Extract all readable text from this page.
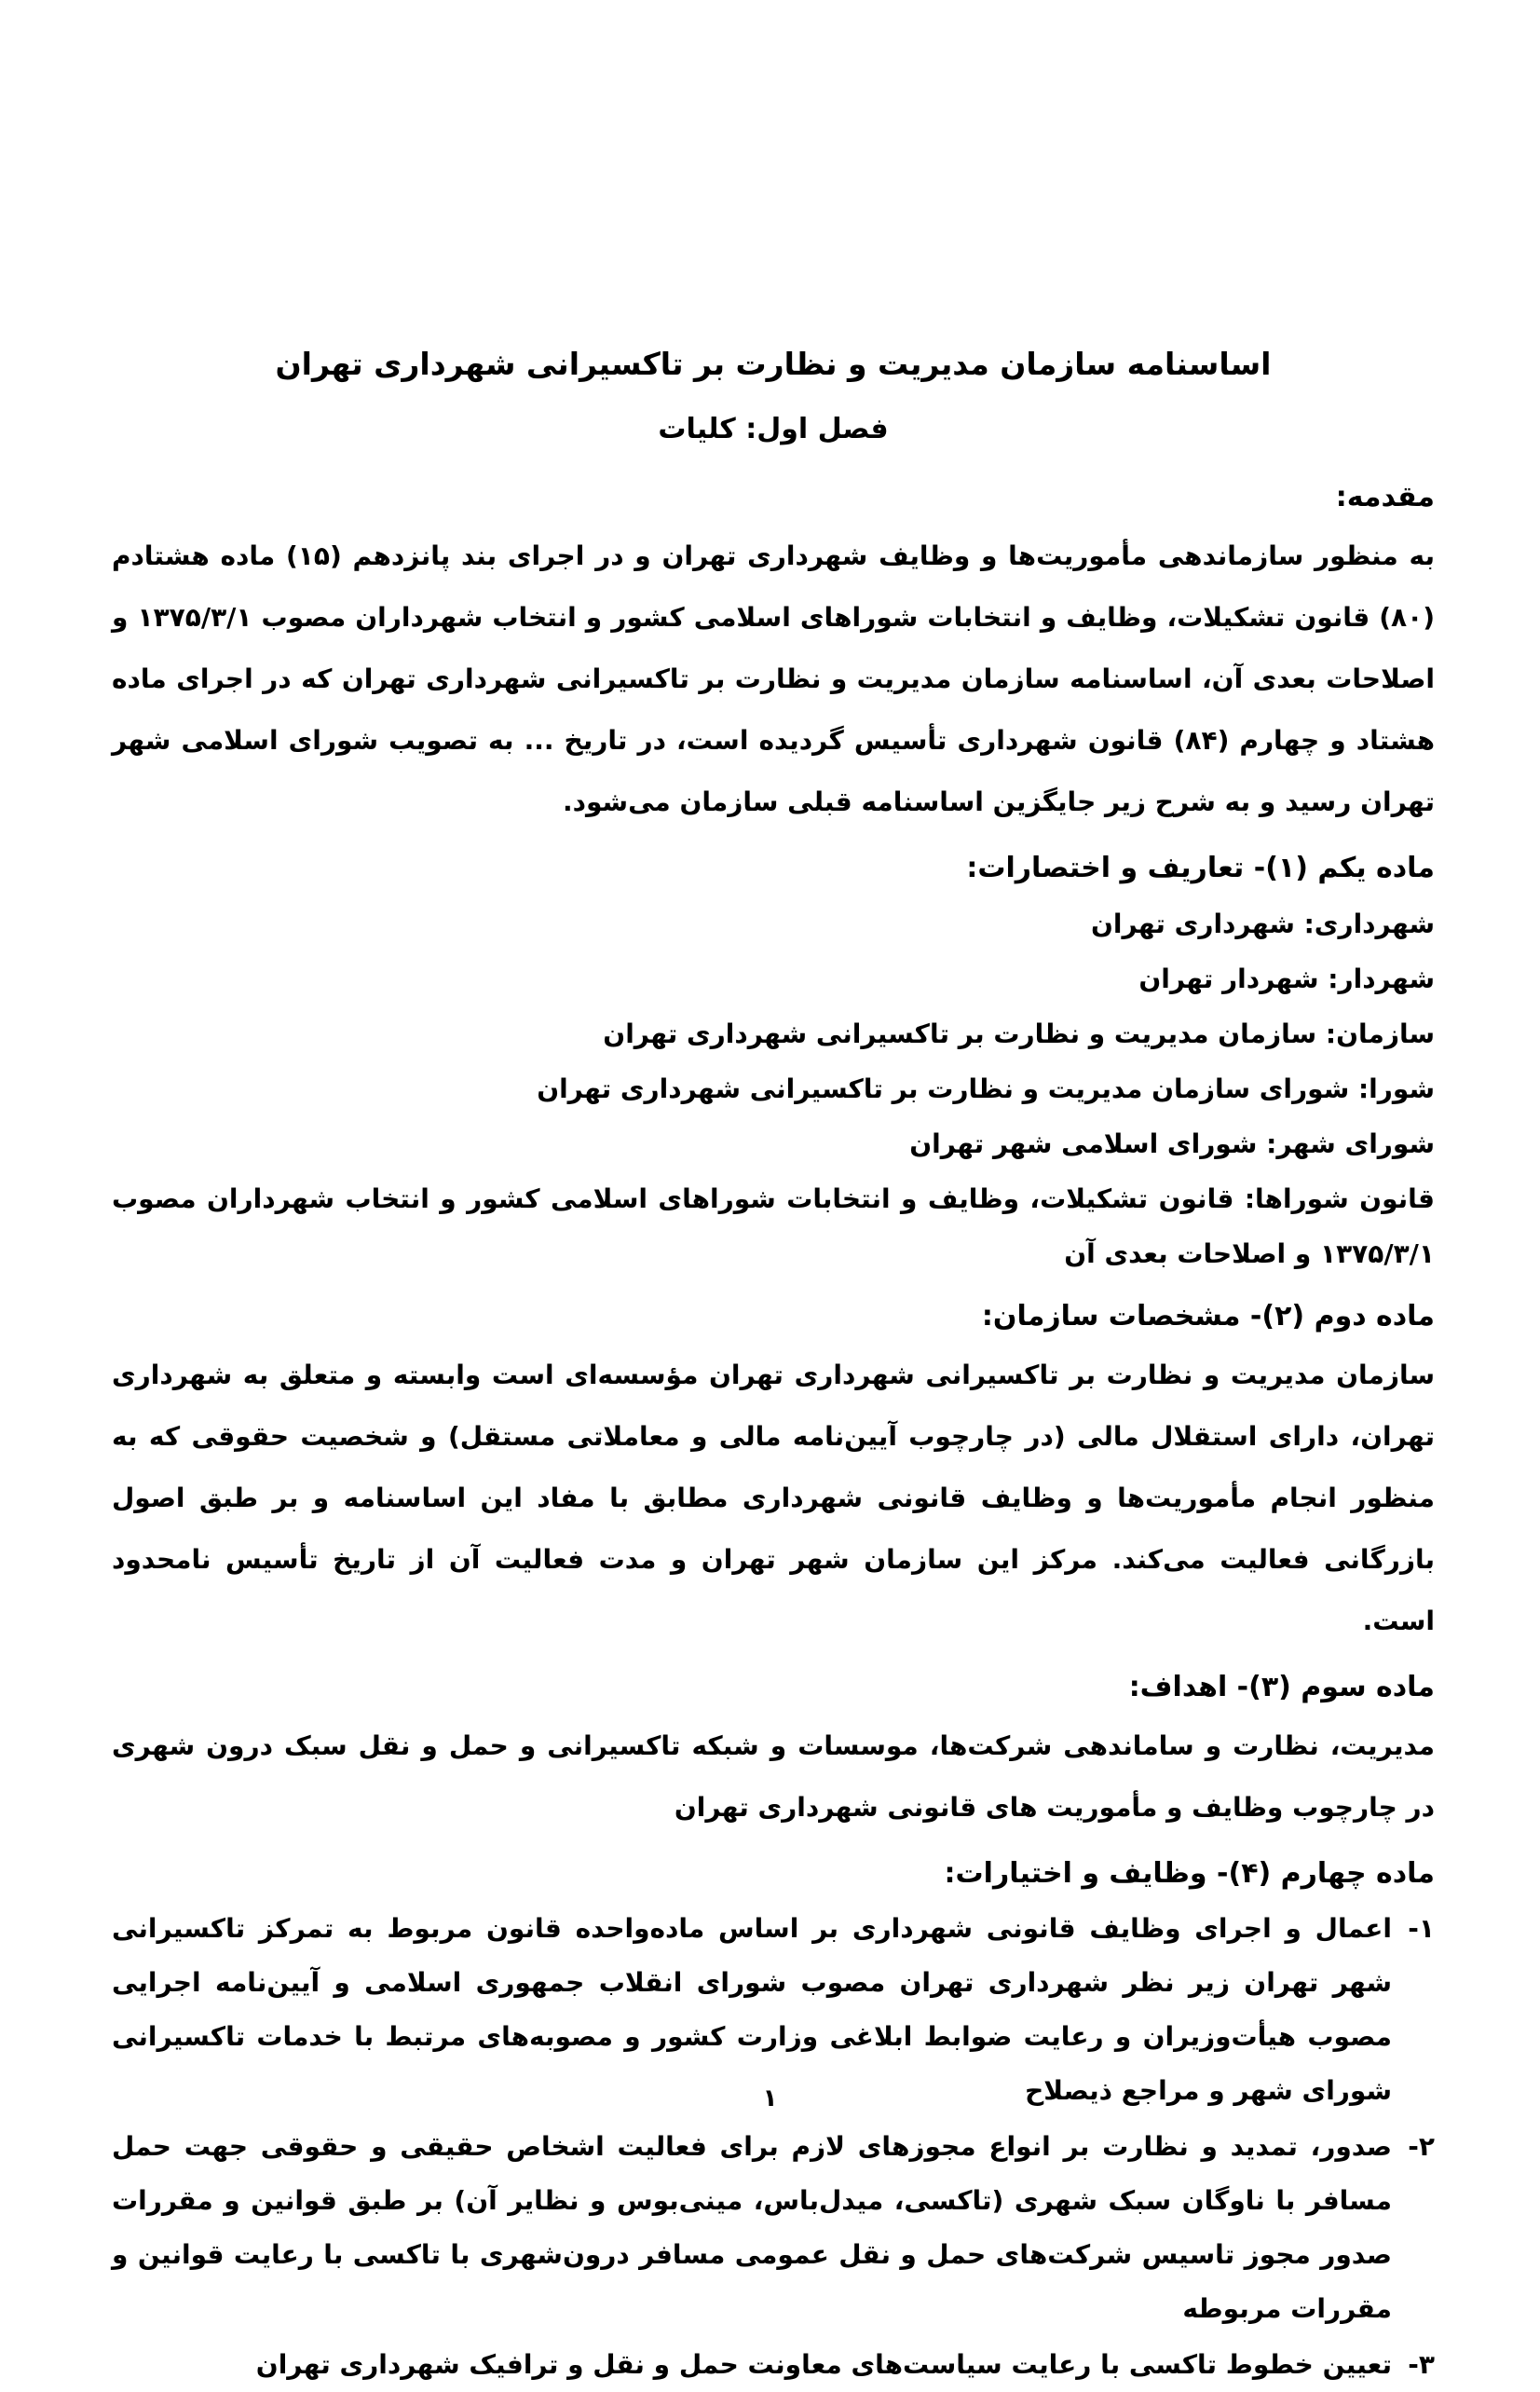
اساسنامه سازمان مدیریت و نظارت بر تاکسیرانی شهرداری تهران
فصل اول: کلیات
مقدمه:

به منظور سازماندهی مأموریت‌ها و وظایف شهرداری تهران و در اجرای بند پانزدهم (۱۵) ماده هشتادم (۸۰) قانون تشکیلات، وظایف و انتخابات شوراهای اسلامی کشور و انتخاب شهرداران مصوب ۱۳۷۵/۳/۱ و اصلاحات بعدی آن، اساسنامه سازمان مدیریت و نظارت بر تاکسیرانی شهرداری تهران که در اجرای ماده هشتاد و چهارم (۸۴) قانون شهرداری تأسیس گردیده است، در تاریخ ... به تصویب شورای اسلامی شهر تهران رسید و به شرح زیر جایگزین اساسنامه قبلی سازمان می‌شود.

ماده یکم (۱)- تعاریف و اختصارات:

شهرداری: شهرداری تهران

شهردار: شهردار تهران

سازمان: سازمان مدیریت و نظارت بر تاکسیرانی شهرداری تهران

شورا: شورای سازمان مدیریت و نظارت بر تاکسیرانی شهرداری تهران

شورای شهر: شورای اسلامی شهر تهران

قانون شوراها: قانون تشکیلات، وظایف و انتخابات شوراهای اسلامی کشور و انتخاب شهرداران مصوب ۱۳۷۵/۳/۱ و اصلاحات بعدی آن

ماده دوم (۲)- مشخصات سازمان:

سازمان مدیریت و نظارت بر تاکسیرانی شهرداری تهران مؤسسه‌ای است وابسته و متعلق به شهرداری تهران، دارای استقلال مالی (در چارچوب آیین‌نامه مالی و معاملاتی مستقل) و شخصیت حقوقی که به منظور انجام مأموریت‌ها و وظایف قانونی شهرداری مطابق با مفاد این اساسنامه و بر طبق اصول بازرگانی فعالیت می‌کند. مرکز این سازمان شهر تهران و مدت فعالیت آن از تاریخ تأسیس نامحدود است.

ماده سوم (۳)- اهداف:

مدیریت، نظارت و ساماندهی شرکت‌ها، موسسات و شبکه تاکسیرانی و حمل و نقل سبک درون شهری در چارچوب وظایف و مأموریت های قانونی شهرداری تهران

ماده چهارم (۴)- وظایف و اختیارات:
۱-
اعمال و اجرای وظایف قانونی شهرداری بر اساس ماده‌واحده قانون مربوط به تمرکز تاکسیرانی شهر تهران زیر نظر شهرداری تهران مصوب شورای انقلاب جمهوری اسلامی و آیین‌نامه اجرایی مصوب هیأت‌وزیران و رعایت ضوابط ابلاغی وزارت کشور و مصوبه‌های مرتبط با خدمات تاکسیرانی شورای شهر و مراجع ذیصلاح
۲-
صدور، تمدید و نظارت بر انواع مجوزهای لازم برای فعالیت اشخاص حقیقی و حقوقی جهت حمل مسافر با ناوگان سبک شهری (تاکسی، میدل‌باس، مینی‌بوس و نظایر آن) بر طبق قوانین و مقررات صدور مجوز تاسیس شرکت‌های حمل و نقل عمومی مسافر درون‌شهری با تاکسی با رعایت قوانین و مقررات مربوطه
۳-
تعیین خطوط تاکسی با رعایت سیاست‌های معاونت حمل و نقل و ترافیک شهرداری تهران
۱
